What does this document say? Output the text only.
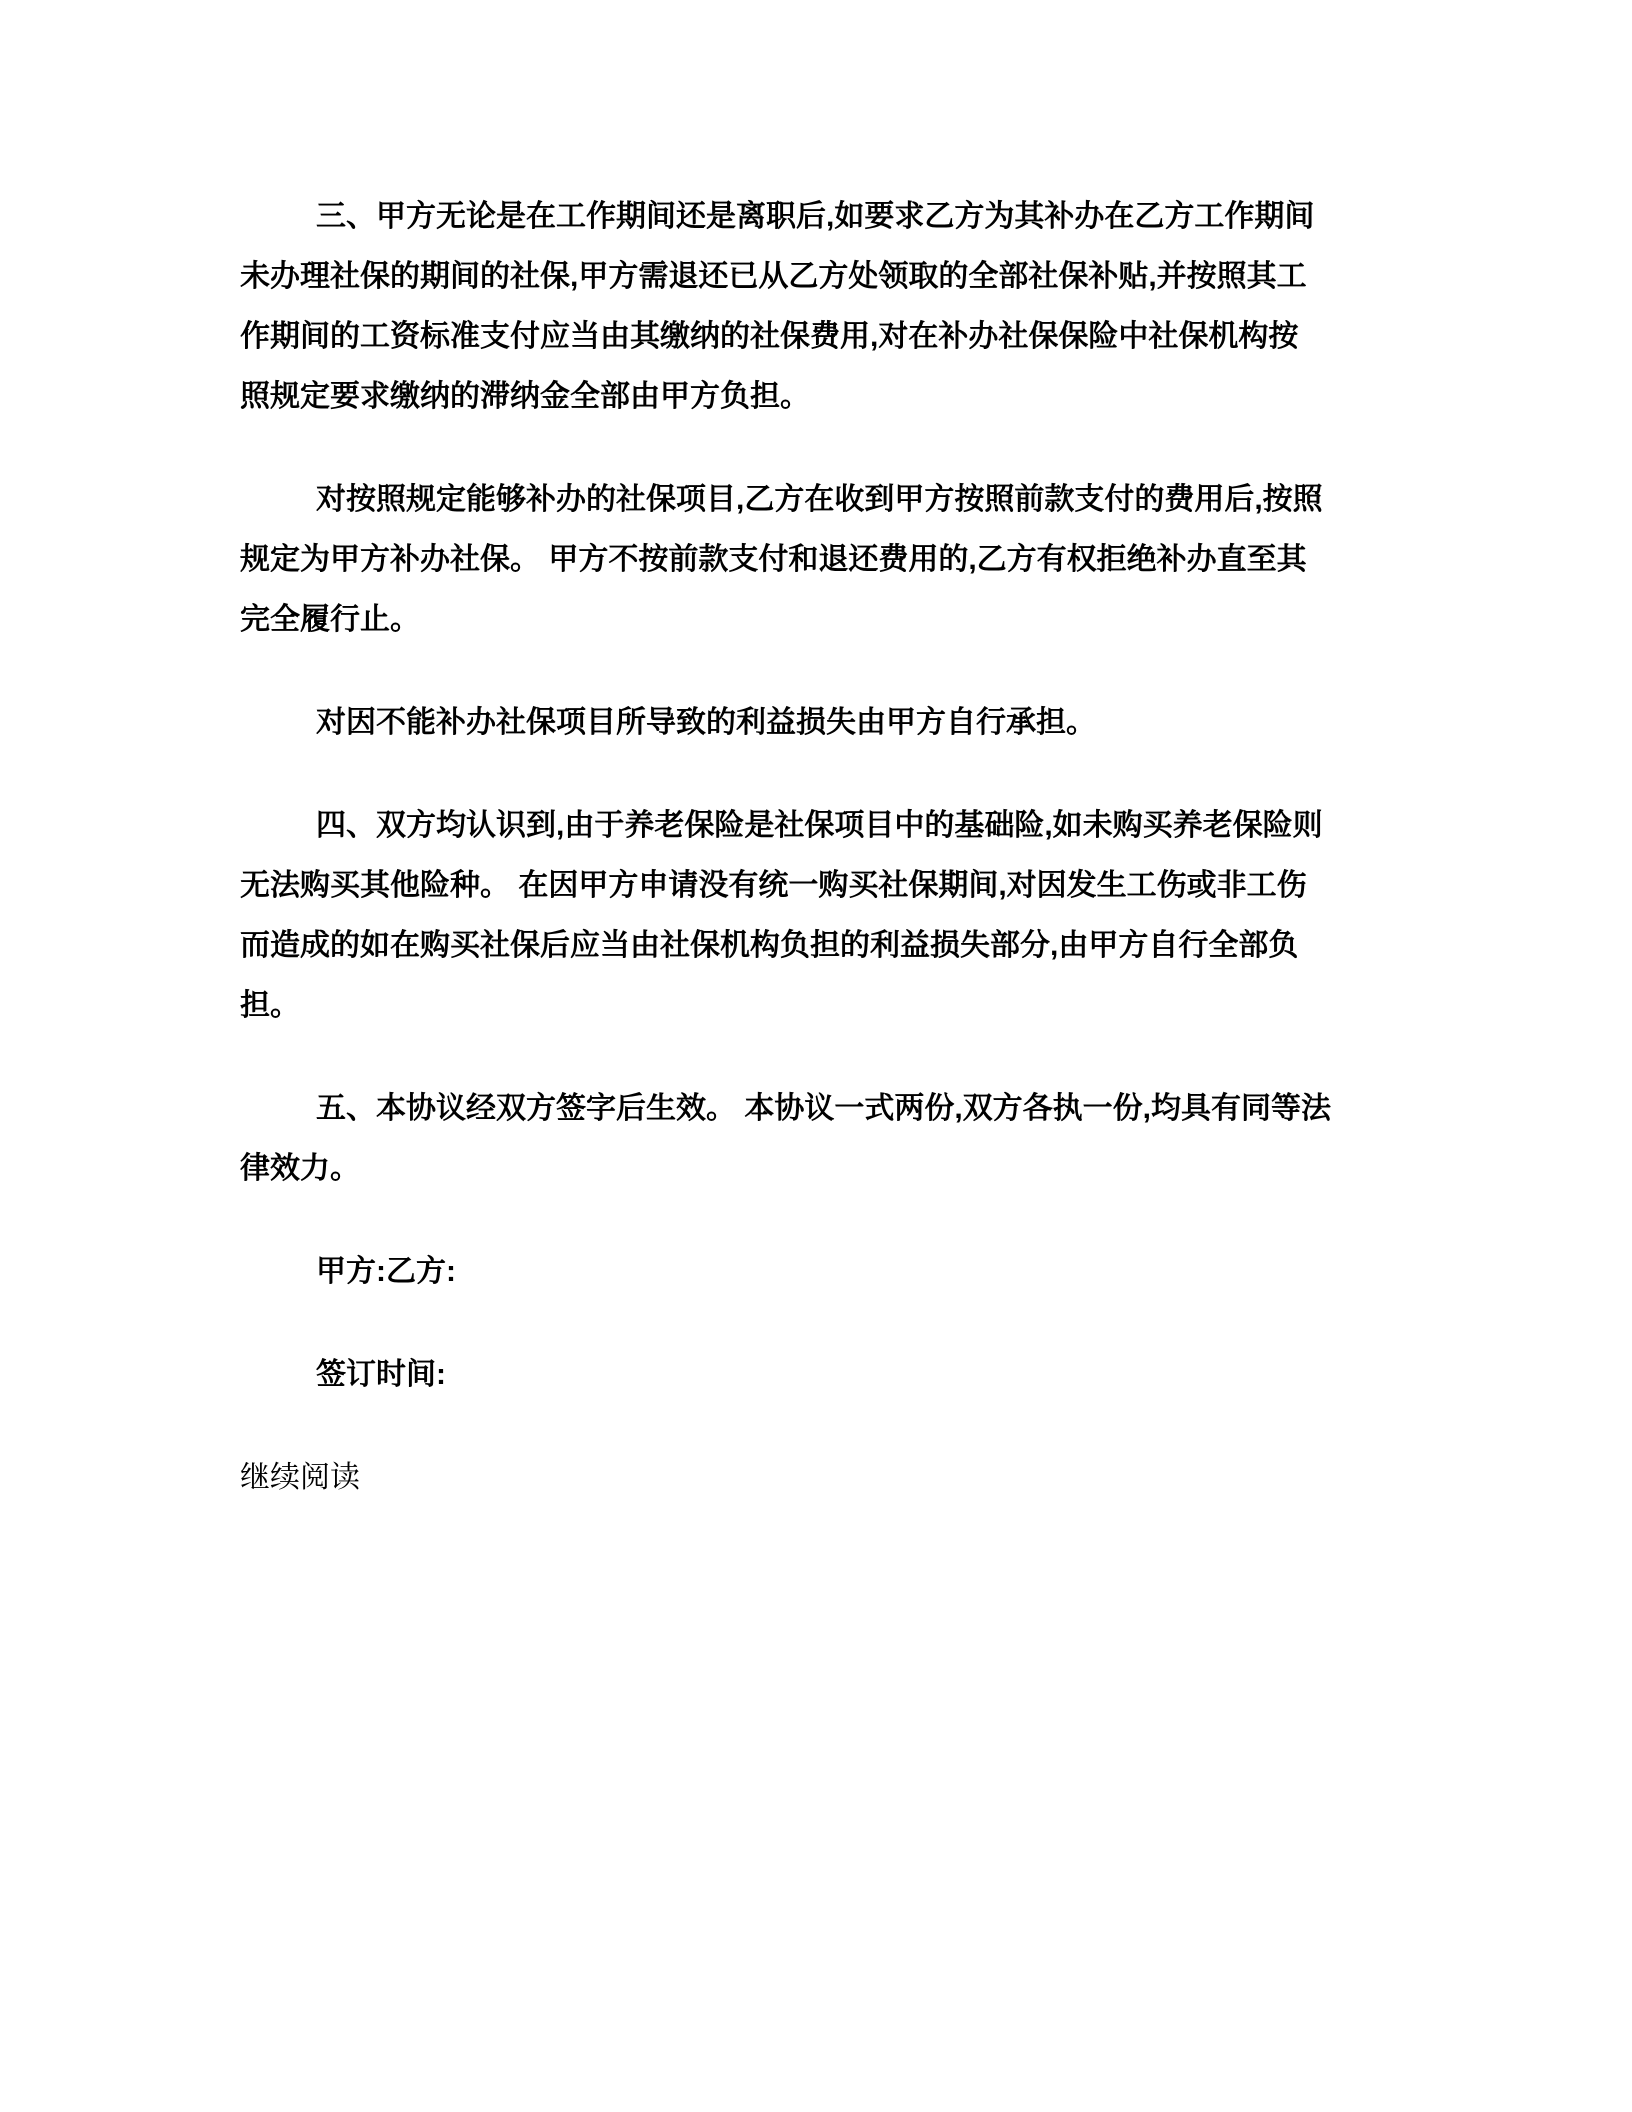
三、甲方无论是在工作期间还是离职后,如要求乙方为其补办在乙方工作期间
未办理社保的期间的社保,甲方需退还已从乙方处领取的全部社保补贴,并按照其工
作期间的工资标准支付应当由其缴纳的社保费用,对在补办社保保险中社保机构按
照规定要求缴纳的滞纳金全部由甲方负担。
对按照规定能够补办的社保项目,乙方在收到甲方按照前款支付的费用后,按照
规定为甲方补办社保。 甲方不按前款支付和退还费用的,乙方有权拒绝补办直至其
完全履行止。
对因不能补办社保项目所导致的利益损失由甲方自行承担。
四、双方均认识到,由于养老保险是社保项目中的基础险,如未购买养老保险则
无法购买其他险种。 在因甲方申请没有统一购买社保期间,对因发生工伤或非工伤
而造成的如在购买社保后应当由社保机构负担的利益损失部分,由甲方自行全部负
担。
五、本协议经双方签字后生效。 本协议一式两份,双方各执一份,均具有同等法
律效力。
甲方:乙方:
签订时间:
继续阅读
